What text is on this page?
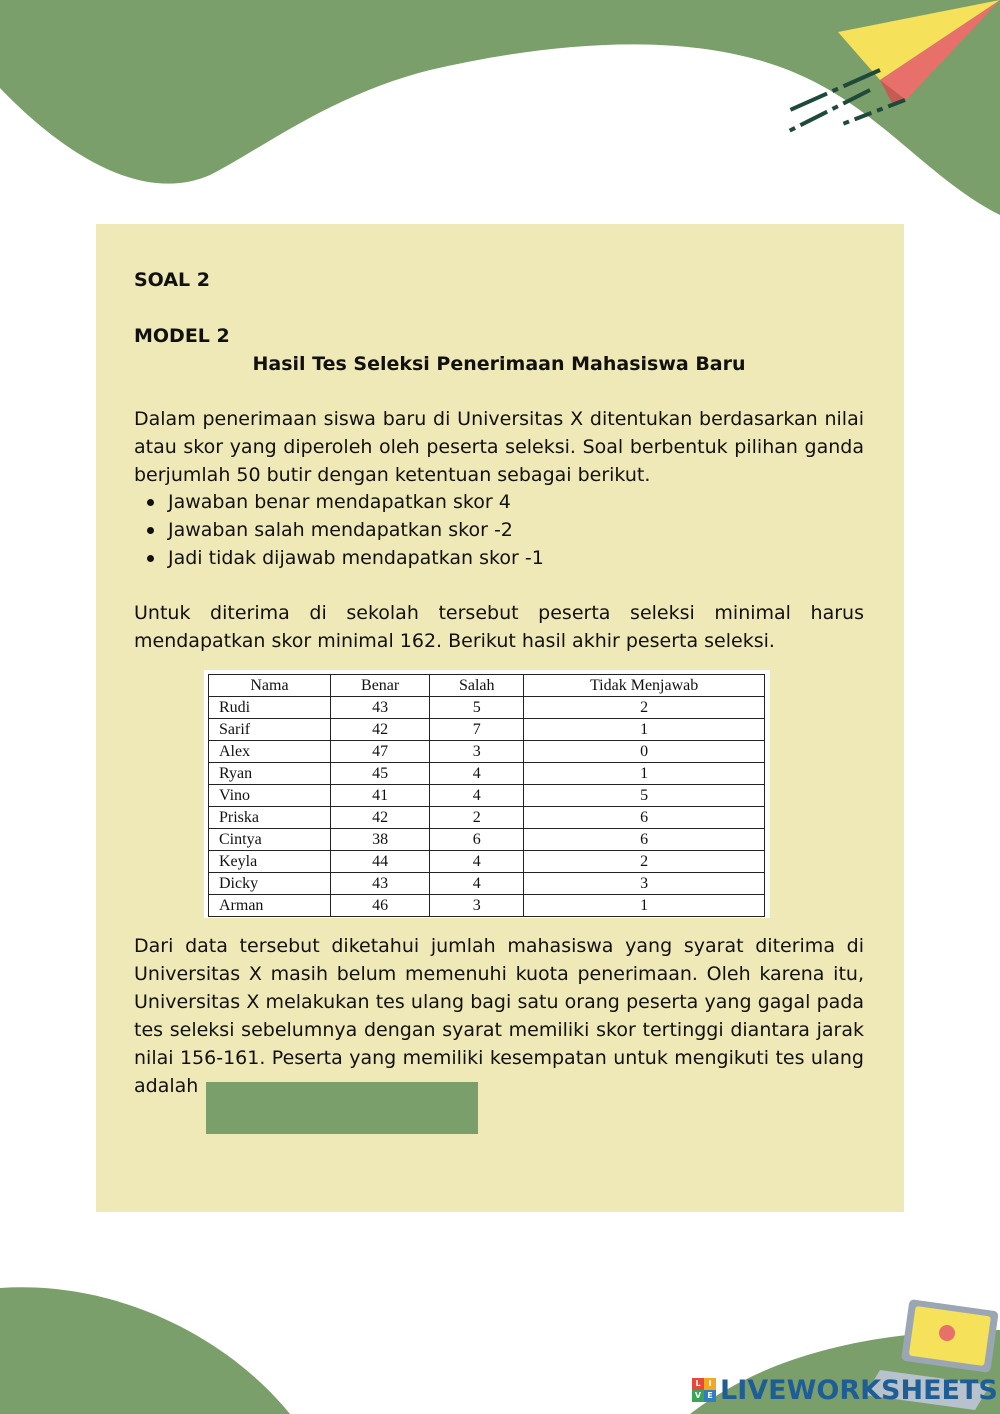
SOAL 2
MODEL 2
Hasil Tes Seleksi Penerimaan Mahasiswa Baru
Dalam penerimaan siswa baru di Universitas X ditentukan berdasarkan nilai atau skor yang diperoleh oleh peserta seleksi. Soal berbentuk pilihan ganda berjumlah 50 butir dengan ketentuan sebagai berikut.
Jawaban benar mendapatkan skor 4
Jawaban salah mendapatkan skor -2
Jadi tidak dijawab mendapatkan skor -1
Untuk diterima di sekolah tersebut peserta seleksi minimal harus mendapatkan skor minimal 162. Berikut hasil akhir peserta seleksi.
Nama	Benar	Salah	Tidak Menjawab
Rudi	43	5	2
Sarif	42	7	1
Alex	47	3	0
Ryan	45	4	1
Vino	41	4	5
Priska	42	2	6
Cintya	38	6	6
Keyla	44	4	2
Dicky	43	4	3
Arman	46	3	1
Dari data tersebut diketahui jumlah mahasiswa yang syarat diterima di Universitas X masih belum memenuhi kuota penerimaan. Oleh karena itu, Universitas X melakukan tes ulang bagi satu orang peserta yang gagal pada tes seleksi sebelumnya dengan syarat memiliki skor tertinggi diantara jarak nilai 156-161. Peserta yang memiliki kesempatan untuk mengikuti tes ulang adalah
L I
V E LIVEWORKSHEETS
